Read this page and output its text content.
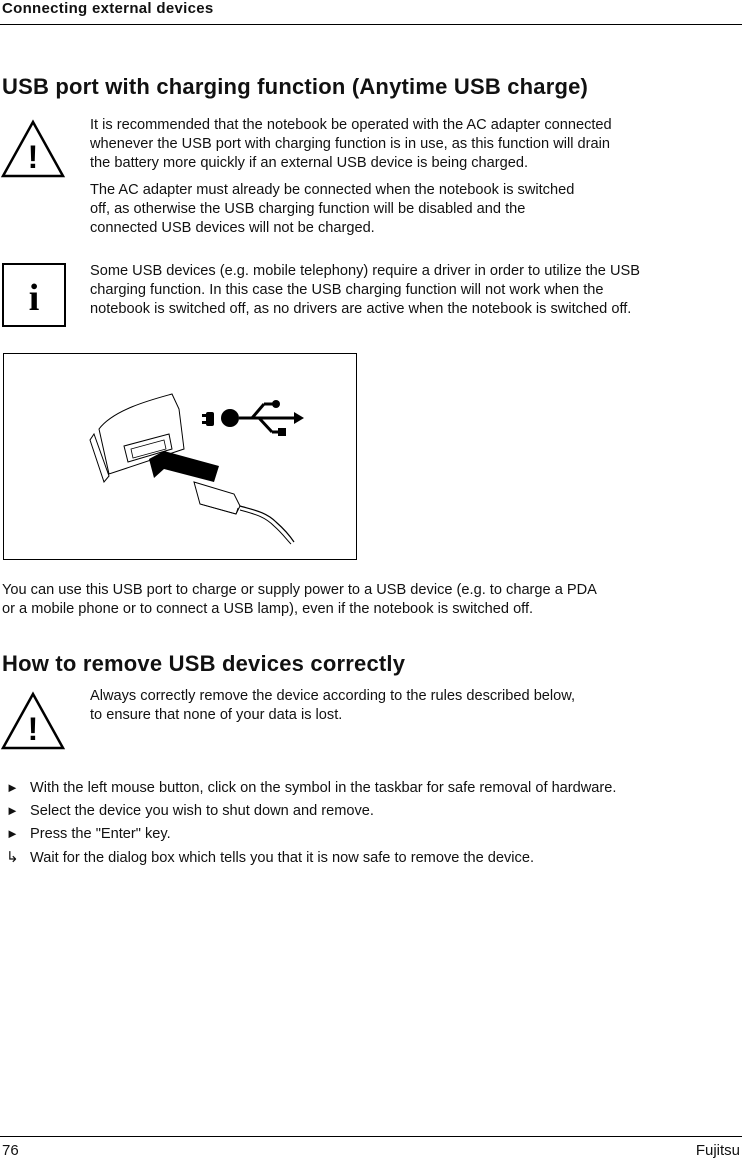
Connecting external devices
USB port with charging function (Anytime USB charge)
!
It is recommended that the notebook be operated with the AC adapter connected
whenever the USB port with charging function is in use, as this function will drain
the battery more quickly if an external USB device is being charged.
The AC adapter must already be connected when the notebook is switched
off, as otherwise the USB charging function will be disabled and the
connected USB devices will not be charged.
i
Some USB devices (e.g. mobile telephony) require a driver in order to utilize the USB
charging function. In this case the USB charging function will not work when the
notebook is switched off, as no drivers are active when the notebook is switched off.
You can use this USB port to charge or supply power to a USB device (e.g. to charge a PDA
or a mobile phone or to connect a USB lamp), even if the notebook is switched off.
How to remove USB devices correctly
!
Always correctly remove the device according to the rules described below,
to ensure that none of your data is lost.
► With the left mouse button, click on the symbol in the taskbar for safe removal of hardware.
► Select the device you wish to shut down and remove.
► Press the "Enter" key.
↳ Wait for the dialog box which tells you that it is now safe to remove the device.
76	Fujitsu
